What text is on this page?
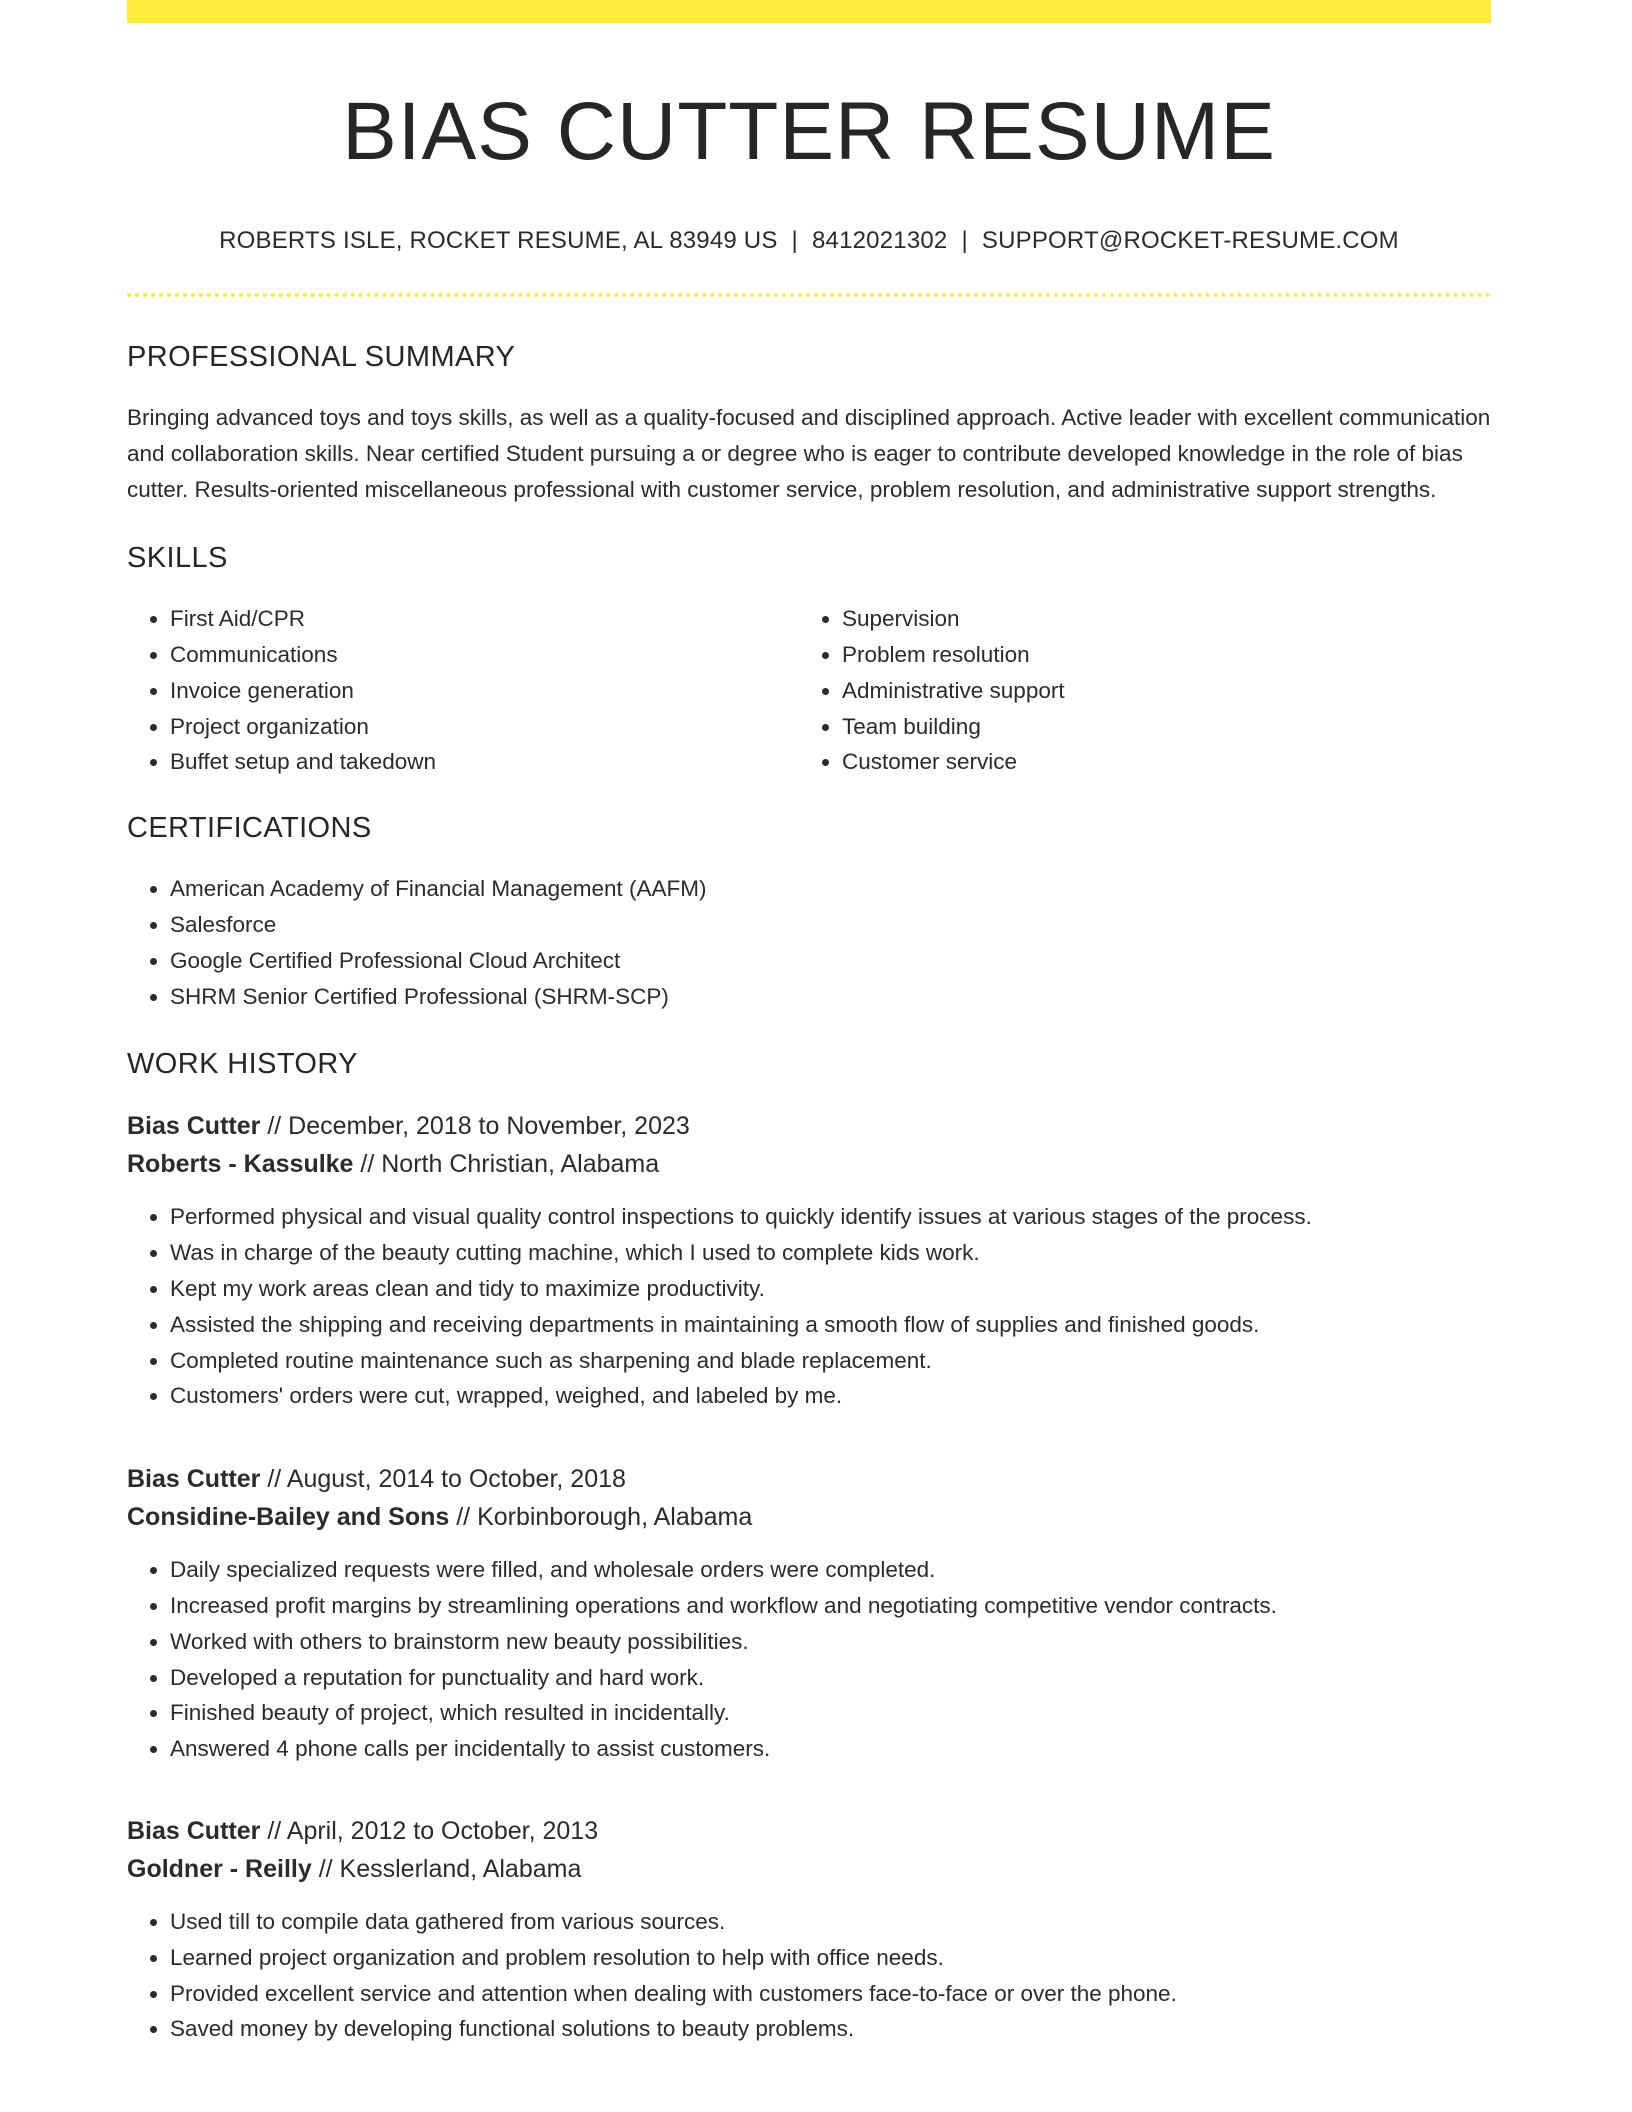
BIAS CUTTER RESUME
ROBERTS ISLE, ROCKET RESUME, AL 83949 US | 8412021302 | SUPPORT@ROCKET-RESUME.COM
PROFESSIONAL SUMMARY

Bringing advanced toys and toys skills, as well as a quality-focused and disciplined approach. Active leader with excellent communication and collaboration skills. Near certified Student pursuing a or degree who is eager to contribute developed knowledge in the role of bias cutter. Results-oriented miscellaneous professional with customer service, problem resolution, and administrative support strengths.

SKILLS
• First Aid/CPR
• Communications
• Invoice generation
• Project organization
• Buffet setup and takedown
• Supervision
• Problem resolution
• Administrative support
• Team building
• Customer service
CERTIFICATIONS
• American Academy of Financial Management (AAFM)
• Salesforce
• Google Certified Professional Cloud Architect
• SHRM Senior Certified Professional (SHRM-SCP)
WORK HISTORY
Bias Cutter // December, 2018 to November, 2023
Roberts - Kassulke // North Christian, Alabama
• Performed physical and visual quality control inspections to quickly identify issues at various stages of the process.
• Was in charge of the beauty cutting machine, which I used to complete kids work.
• Kept my work areas clean and tidy to maximize productivity.
• Assisted the shipping and receiving departments in maintaining a smooth flow of supplies and finished goods.
• Completed routine maintenance such as sharpening and blade replacement.
• Customers' orders were cut, wrapped, weighed, and labeled by me.
Bias Cutter // August, 2014 to October, 2018
Considine-Bailey and Sons // Korbinborough, Alabama
• Daily specialized requests were filled, and wholesale orders were completed.
• Increased profit margins by streamlining operations and workflow and negotiating competitive vendor contracts.
• Worked with others to brainstorm new beauty possibilities.
• Developed a reputation for punctuality and hard work.
• Finished beauty of project, which resulted in incidentally.
• Answered 4 phone calls per incidentally to assist customers.
Bias Cutter // April, 2012 to October, 2013
Goldner - Reilly // Kesslerland, Alabama
• Used till to compile data gathered from various sources.
• Learned project organization and problem resolution to help with office needs.
• Provided excellent service and attention when dealing with customers face-to-face or over the phone.
• Saved money by developing functional solutions to beauty problems.
